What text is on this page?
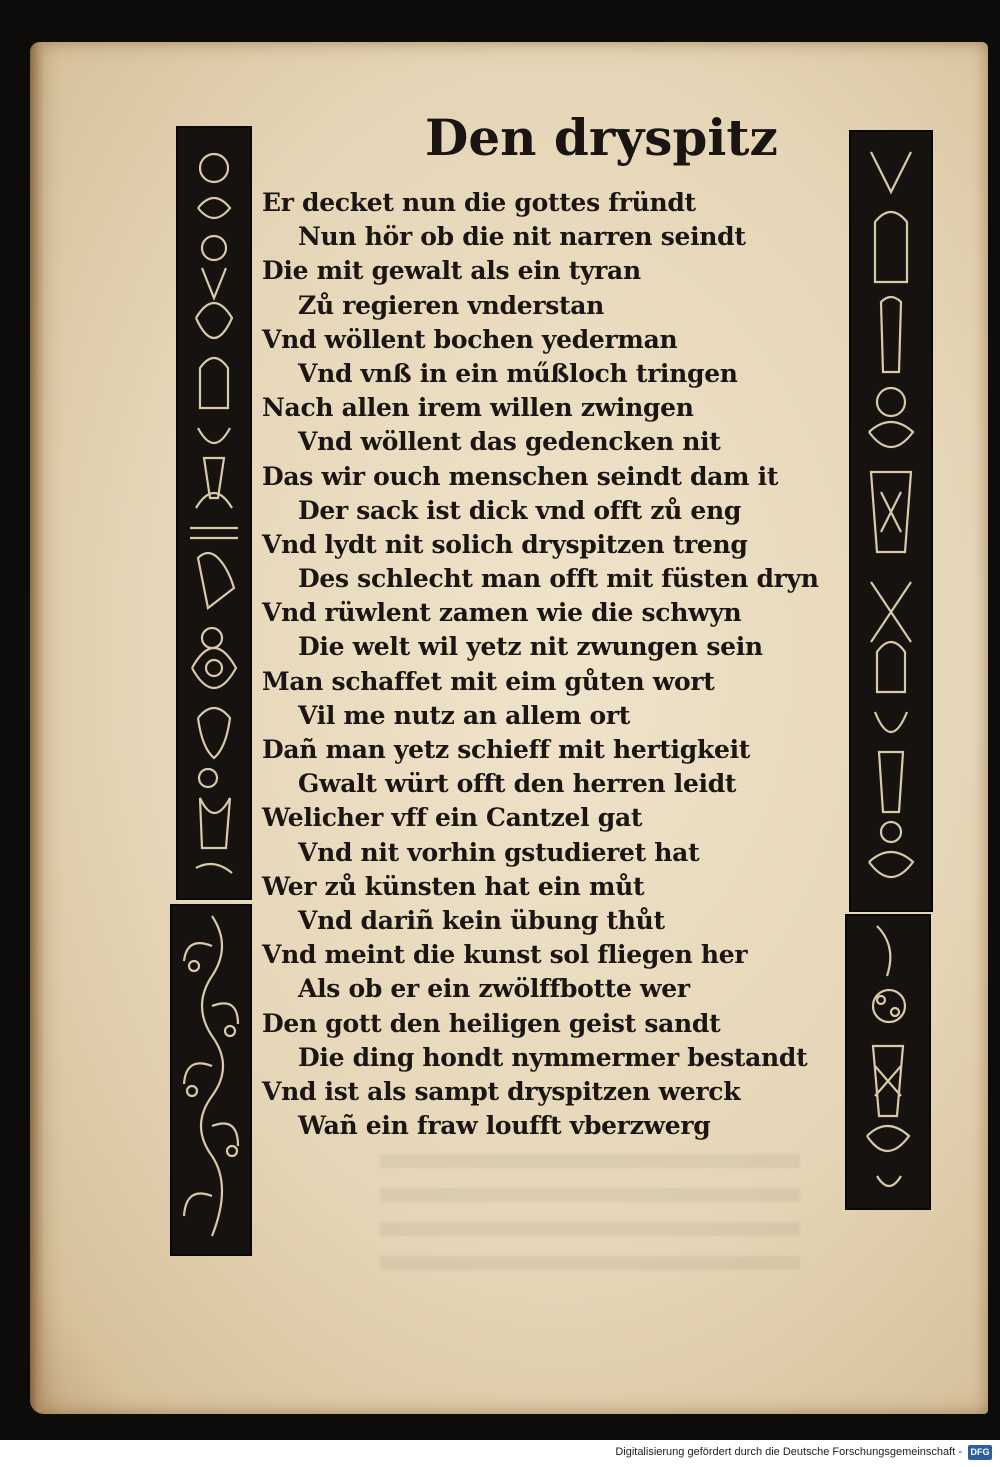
Den dryspitz
Er decket nun die gottes fründt
Nun hör ob die nit narren seindt
Die mit gewalt als ein tyran
Zů regieren vnderstan
Vnd wöllent bochen yederman
Vnd vnß in ein műßloch tringen
Nach allen irem willen zwingen
Vnd wöllent das gedencken nit
Das wir ouch menschen seindt dam it
Der sack ist dick vnd offt zů eng
Vnd lydt nit solich dryspitzen treng
Des schlecht man offt mit füsten dryn
Vnd rüwlent zamen wie die schwyn
Die welt wil yetz nit zwungen sein
Man schaffet mit eim gůten wort
Vil me nutz an allem ort
Dañ man yetz schieff mit hertigkeit
Gwalt würt offt den herren leidt
Welicher vff ein Cantzel gat
Vnd nit vorhin gstudieret hat
Wer zů künsten hat ein můt
Vnd dariñ kein übung thůt
Vnd meint die kunst sol fliegen her
Als ob er ein zwölffbotte wer
Den gott den heiligen geist sandt
Die ding hondt nymmermer bestandt
Vnd ist als sampt dryspitzen werck
Wañ ein fraw loufft vberzwerg
Digitalisierung gefördert durch die Deutsche Forschungsgemeinschaft - DFG
